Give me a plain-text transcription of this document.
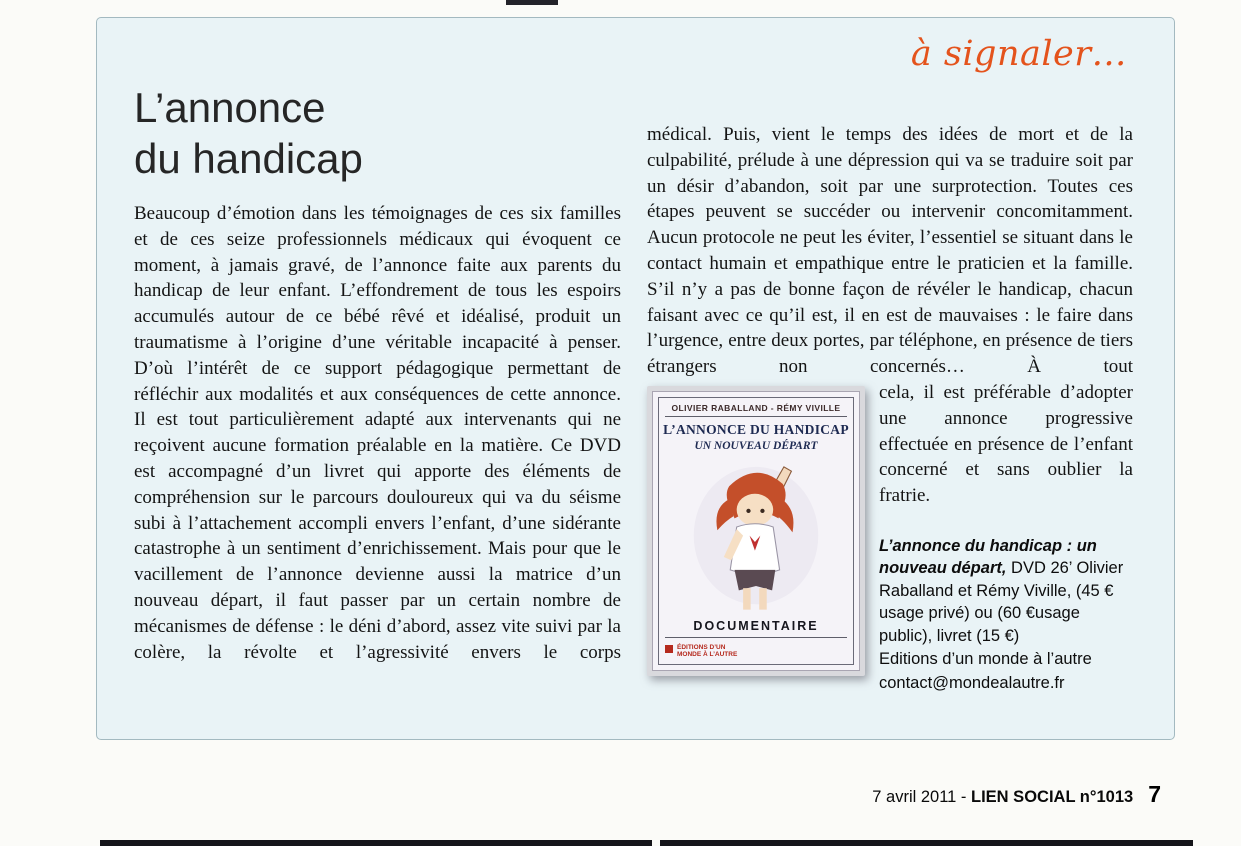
à signaler…
L’annonce
du handicap

Beaucoup d’émotion dans les témoignages de ces six familles et de ces seize professionnels médicaux qui évoquent ce moment, à jamais gravé, de l’annonce faite aux parents du handicap de leur enfant. L’effondrement de tous les espoirs accumulés autour de ce bébé rêvé et idéalisé, produit un traumatisme à l’origine d’une véritable incapacité à penser. D’où l’intérêt de ce support pédagogique permettant de réfléchir aux modalités et aux conséquences de cette annonce. Il est tout particulièrement adapté aux intervenants qui ne reçoivent aucune formation préalable en la matière. Ce DVD est accompagné d’un livret qui apporte des éléments de compréhension sur le parcours douloureux qui va du séisme subi à l’attachement accompli envers l’enfant, d’une sidérante catastrophe à un sentiment d’enrichissement. Mais pour que le vacillement de l’annonce devienne aussi la matrice d’un nouveau départ, il faut passer par un certain nombre de mécanismes de défense : le déni d’abord, assez vite suivi par la colère, la révolte et l’agressivité envers le corps

médical. Puis, vient le temps des idées de mort et de la culpabilité, prélude à une dépression qui va se traduire soit par un désir d’abandon, soit par une surprotection. Toutes ces étapes peuvent se succéder ou intervenir concomitamment. Aucun protocole ne peut les éviter, l’essentiel se situant dans le contact humain et empathique entre le praticien et la famille. S’il n’y a pas de bonne façon de révéler le handicap, chacun faisant avec ce qu’il est, il en est de mauvaises : le faire dans l’urgence, entre deux portes, par téléphone, en présence de tiers étrangers non concernés… À tout

OLIVIER RABALLAND - RÉMY VIVILLE
L’ANNONCE DU HANDICAP
UN NOUVEAU DÉPART
DOCUMENTAIRE
ÉDITIONS D’UN MONDE À L’AUTRE

cela, il est préférable d’adopter une annonce progressive effectuée en présence de l’enfant concerné et sans oublier la fratrie.

L’annonce du handicap : un nouveau départ, DVD 26’ Olivier Raballand et Rémy Viville, (45 € usage privé) ou (60 €usage public), livret (15 €)
Editions d’un monde à l’autre
contact@mondealautre.fr
7 avril 2011 - LIEN SOCIAL n°1013 7
